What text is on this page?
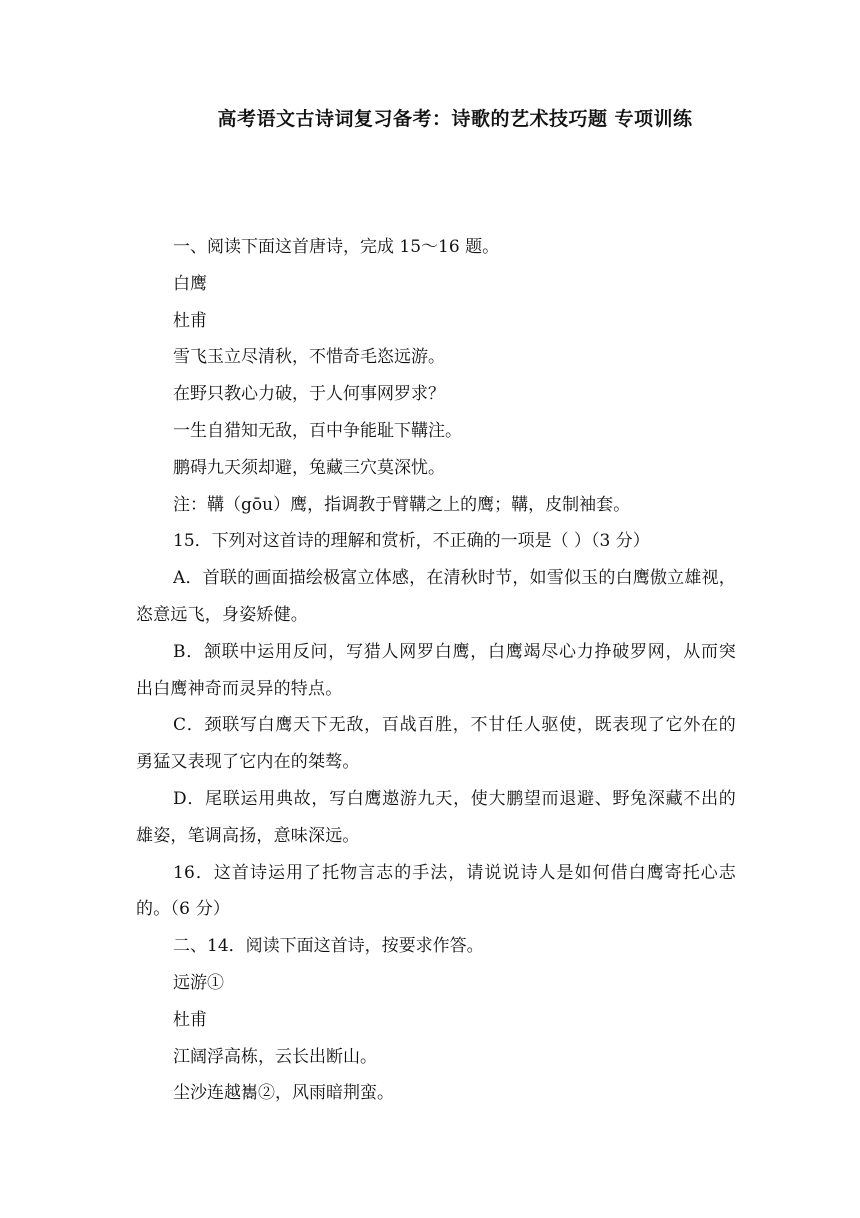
高考语文古诗词复习备考：诗歌的艺术技巧题 专项训练
一、阅读下面这首唐诗，完成 15～16 题。
白鹰
杜甫
雪飞玉立尽清秋，不惜奇毛恣远游。
在野只教心力破，于人何事网罗求？
一生自猎知无敌，百中争能耻下鞲注。
鹏碍九天须却避，兔藏三穴莫深忧。
注：鞲（gōu）鹰，指调教于臂鞲之上的鹰；鞲，皮制袖套。
15．下列对这首诗的理解和赏析，不正确的一项是（ ）（3 分）
A．首联的画面描绘极富立体感，在清秋时节，如雪似玉的白鹰傲立雄视，恣意远飞，身姿矫健。
B．颔联中运用反问，写猎人网罗白鹰，白鹰竭尽心力挣破罗网，从而突出白鹰神奇而灵异的特点。
C．颈联写白鹰天下无敌，百战百胜，不甘任人驱使，既表现了它外在的勇猛又表现了它内在的桀骜。
D．尾联运用典故，写白鹰遨游九天，使大鹏望而退避、野兔深藏不出的雄姿，笔调高扬，意味深远。
16．这首诗运用了托物言志的手法，请说说诗人是如何借白鹰寄托心志的。（6 分）
二、14．阅读下面这首诗，按要求作答。
远游①
杜甫
江阔浮高栋，云长出断山。
尘沙连越巂②，风雨暗荆蛮。
